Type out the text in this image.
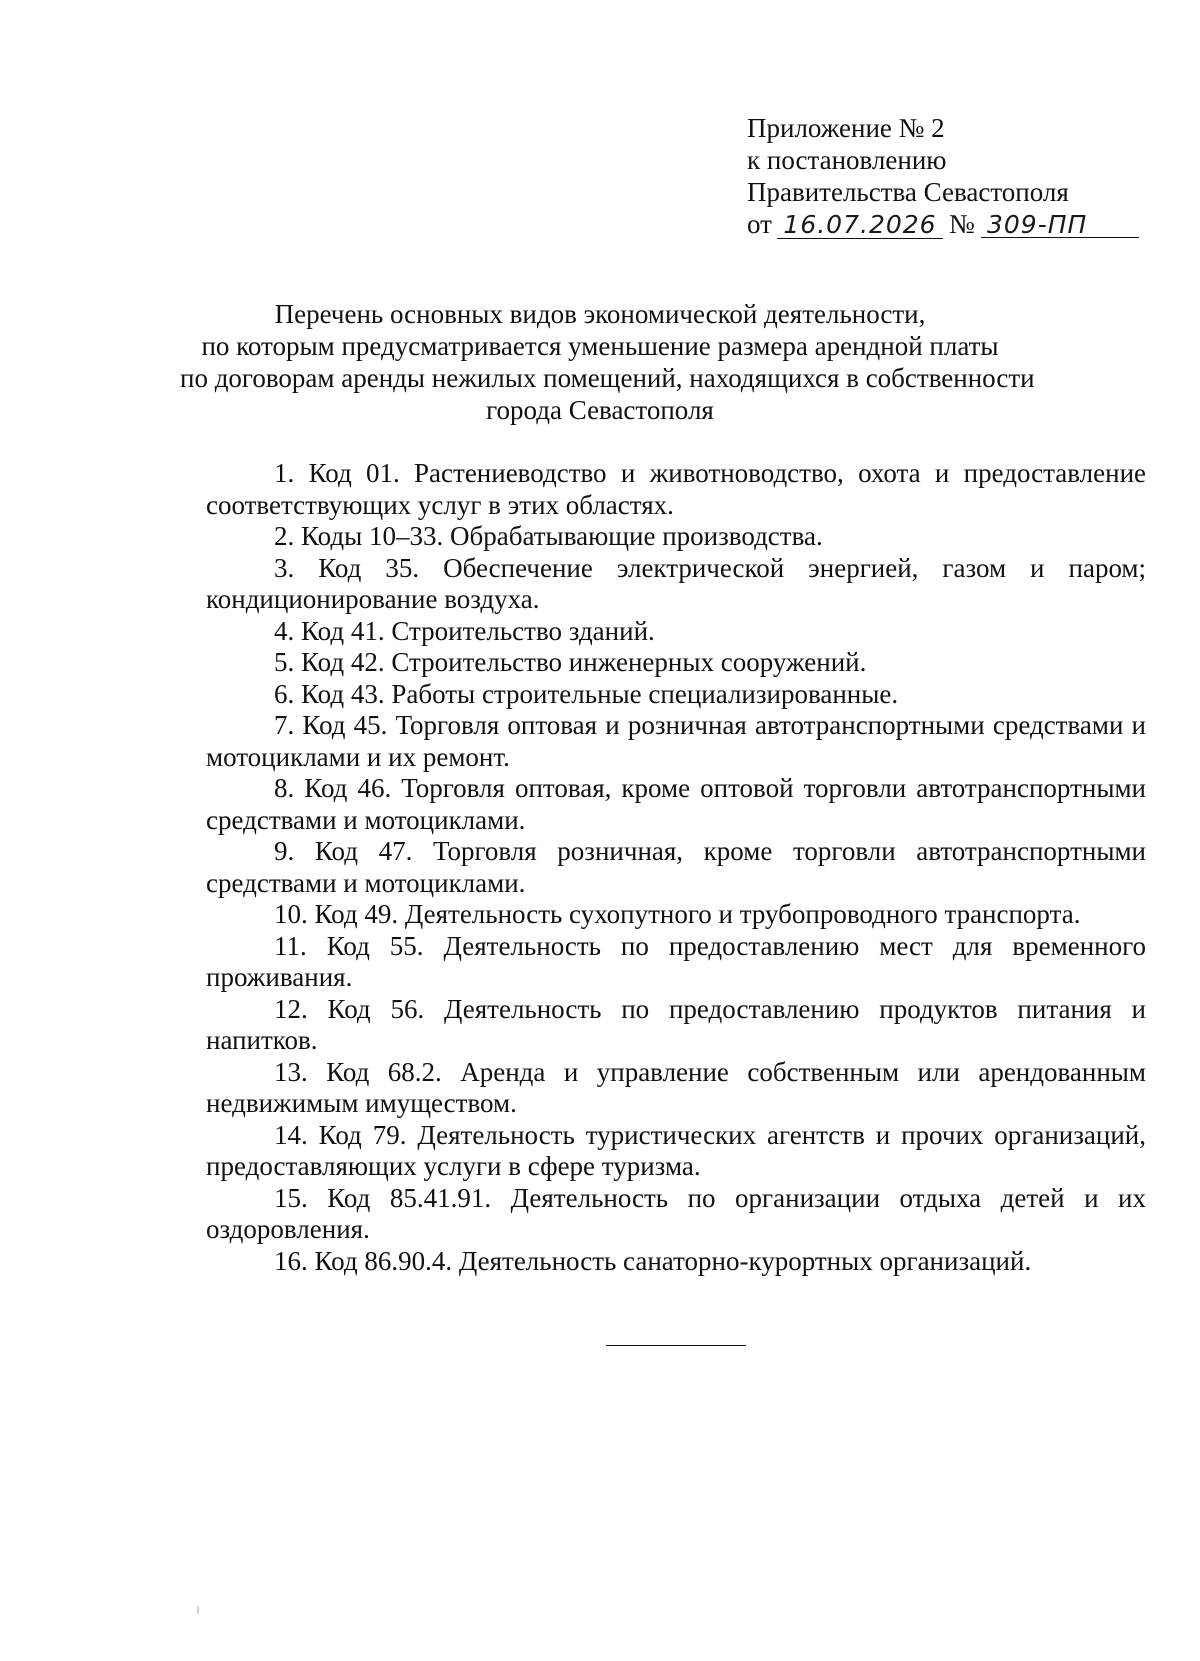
Приложение № 2
к постановлению
Правительства Севастополя
от 16.07.2026 № 309-ПП
Перечень основных видов экономической деятельности,
по которым предусматривается уменьшение размера арендной платы
по договорам аренды нежилых помещений, находящихся в собственности
города Севастополя

1. Код 01. Растениеводство и животноводство, охота и предоставление соответствующих услуг в этих областях.

2. Коды 10–33. Обрабатывающие производства.

3. Код 35. Обеспечение электрической энергией, газом и паром; кондиционирование воздуха.

4. Код 41. Строительство зданий.

5. Код 42. Строительство инженерных сооружений.

6. Код 43. Работы строительные специализированные.

7. Код 45. Торговля оптовая и розничная автотранспортными средствами и мотоциклами и их ремонт.

8. Код 46. Торговля оптовая, кроме оптовой торговли автотранспортными средствами и мотоциклами.

9. Код 47. Торговля розничная, кроме торговли автотранспортными средствами и мотоциклами.

10. Код 49. Деятельность сухопутного и трубопроводного транспорта.

11. Код 55. Деятельность по предоставлению мест для временного проживания.

12. Код 56. Деятельность по предоставлению продуктов питания и напитков.

13. Код 68.2. Аренда и управление собственным или арендованным недвижимым имуществом.

14. Код 79. Деятельность туристических агентств и прочих организаций, предоставляющих услуги в сфере туризма.

15. Код 85.41.91. Деятельность по организации отдыха детей и их оздоровления.

16. Код 86.90.4. Деятельность санаторно-курортных организаций.
